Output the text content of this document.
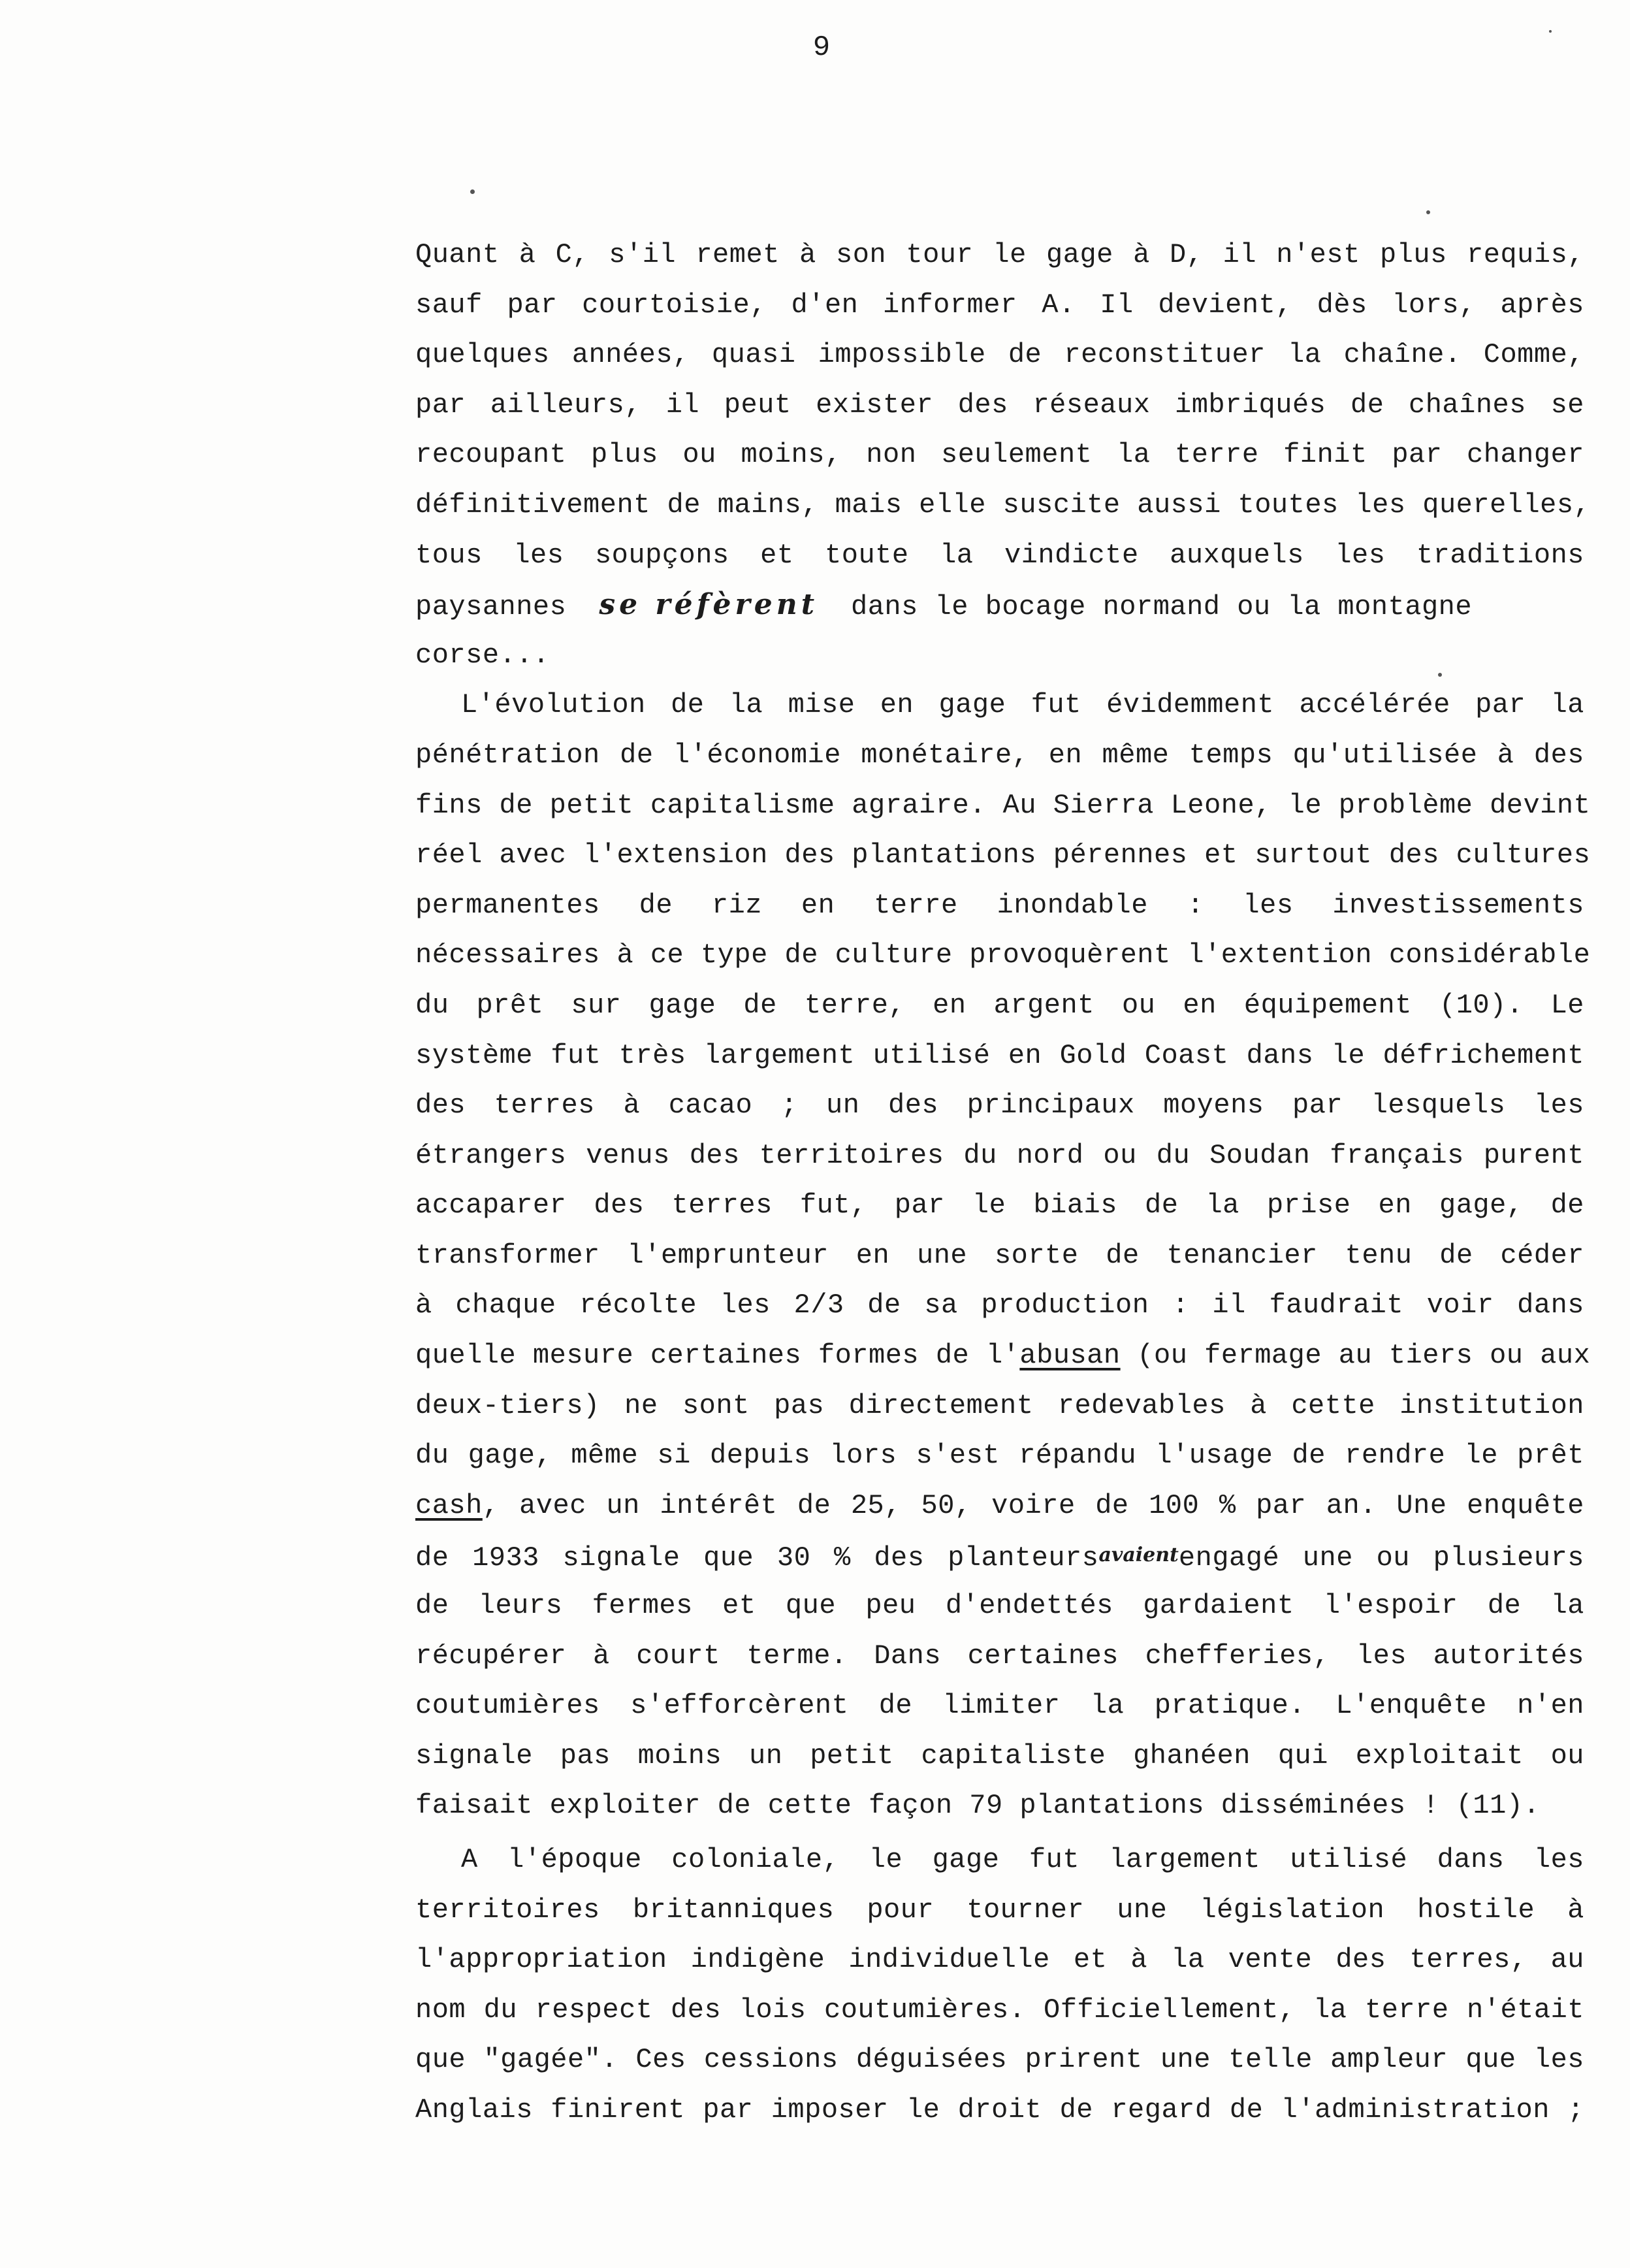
9
Quant à C, s'il remet à son tour le gage à D, il n'est plus requis,
sauf par courtoisie, d'en informer A. Il devient, dès lors, après
quelques années, quasi impossible de reconstituer la chaîne. Comme,
par ailleurs, il peut exister des réseaux imbriqués de chaînes se
recoupant plus ou moins, non seulement la terre finit par changer
définitivement de mains, mais elle suscite aussi toutes les querelles,
tous les soupçons et toute la vindicte auxquels les traditions
paysannes se réfèrent dans le bocage normand ou la montagne
corse...
L'évolution de la mise en gage fut évidemment accélérée par la
pénétration de l'économie monétaire, en même temps qu'utilisée à des
fins de petit capitalisme agraire. Au Sierra Leone, le problème devint
réel avec l'extension des plantations pérennes et surtout des cultures
permanentes de riz en terre inondable : les investissements
nécessaires à ce type de culture provoquèrent l'extention considérable
du prêt sur gage de terre, en argent ou en équipement (10). Le
système fut très largement utilisé en Gold Coast dans le défrichement
des terres à cacao ; un des principaux moyens par lesquels les
étrangers venus des territoires du nord ou du Soudan français purent
accaparer des terres fut, par le biais de la prise en gage, de
transformer l'emprunteur en une sorte de tenancier tenu de céder
à chaque récolte les 2/3 de sa production : il faudrait voir dans
quelle mesure certaines formes de l'abusan (ou fermage au tiers ou aux
deux-tiers) ne sont pas directement redevables à cette institution
du gage, même si depuis lors s'est répandu l'usage de rendre le prêt
cash, avec un intérêt de 25, 50, voire de 100 % par an. Une enquête
de 1933 signale que 30 % des planteursavaientengagé une ou plusieurs
de leurs fermes et que peu d'endettés gardaient l'espoir de la
récupérer à court terme. Dans certaines chefferies, les autorités
coutumières s'efforcèrent de limiter la pratique. L'enquête n'en
signale pas moins un petit capitaliste ghanéen qui exploitait ou
faisait exploiter de cette façon 79 plantations disséminées ! (11).
A l'époque coloniale, le gage fut largement utilisé dans les
territoires britanniques pour tourner une législation hostile à
l'appropriation indigène individuelle et à la vente des terres, au
nom du respect des lois coutumières. Officiellement, la terre n'était
que "gagée". Ces cessions déguisées prirent une telle ampleur que les
Anglais finirent par imposer le droit de regard de l'administration ;
